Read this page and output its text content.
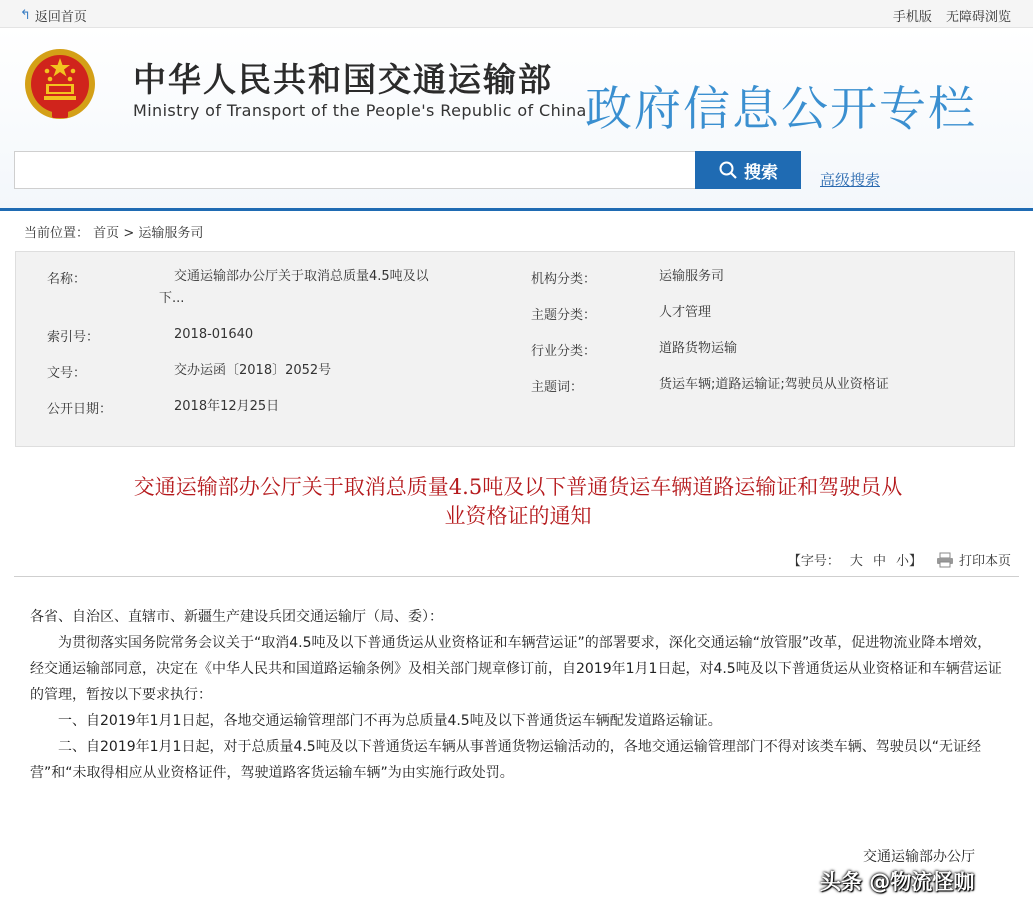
↰ 返回首页	手机版 无障碍浏览
中华人民共和国交通运输部
Ministry of Transport of the People's Republic of China
政府信息公开专栏
搜索	高级搜索
当前位置： 首页 > 运输服务司
名称：	交通运输部办公厅关于取消总质量4.5吨及以
下...
索引号：	2018-01640
文号：	交办运函〔2018〕2052号
公开日期：	2018年12月25日
机构分类：	运输服务司
主题分类：	人才管理
行业分类：	道路货物运输
主题词：	货运车辆;道路运输证;驾驶员从业资格证
交通运输部办公厅关于取消总质量4.5吨及以下普通货运车辆道路运输证和驾驶员从
业资格证的通知
【字号： 大 中 小 】	打印本页

各省、自治区、直辖市、新疆生产建设兵团交通运输厅（局、委）：

为贯彻落实国务院常务会议关于“取消4.5吨及以下普通货运从业资格证和车辆营运证”的部署要求，深化交通运输“放管服”改革，促进物流业降本增效，经交通运输部同意，决定在《中华人民共和国道路运输条例》及相关部门规章修订前，自2019年1月1日起，对4.5吨及以下普通货运从业资格证和车辆营运证的管理，暂按以下要求执行：

一、自2019年1月1日起，各地交通运输管理部门不再为总质量4.5吨及以下普通货运车辆配发道路运输证。

二、自2019年1月1日起，对于总质量4.5吨及以下普通货运车辆从事普通货物运输活动的，各地交通运输管理部门不得对该类车辆、驾驶员以“无证经营”和“未取得相应从业资格证件，驾驶道路客货运输车辆”为由实施行政处罚。

交通运输部办公厅
头条 @物流怪咖
